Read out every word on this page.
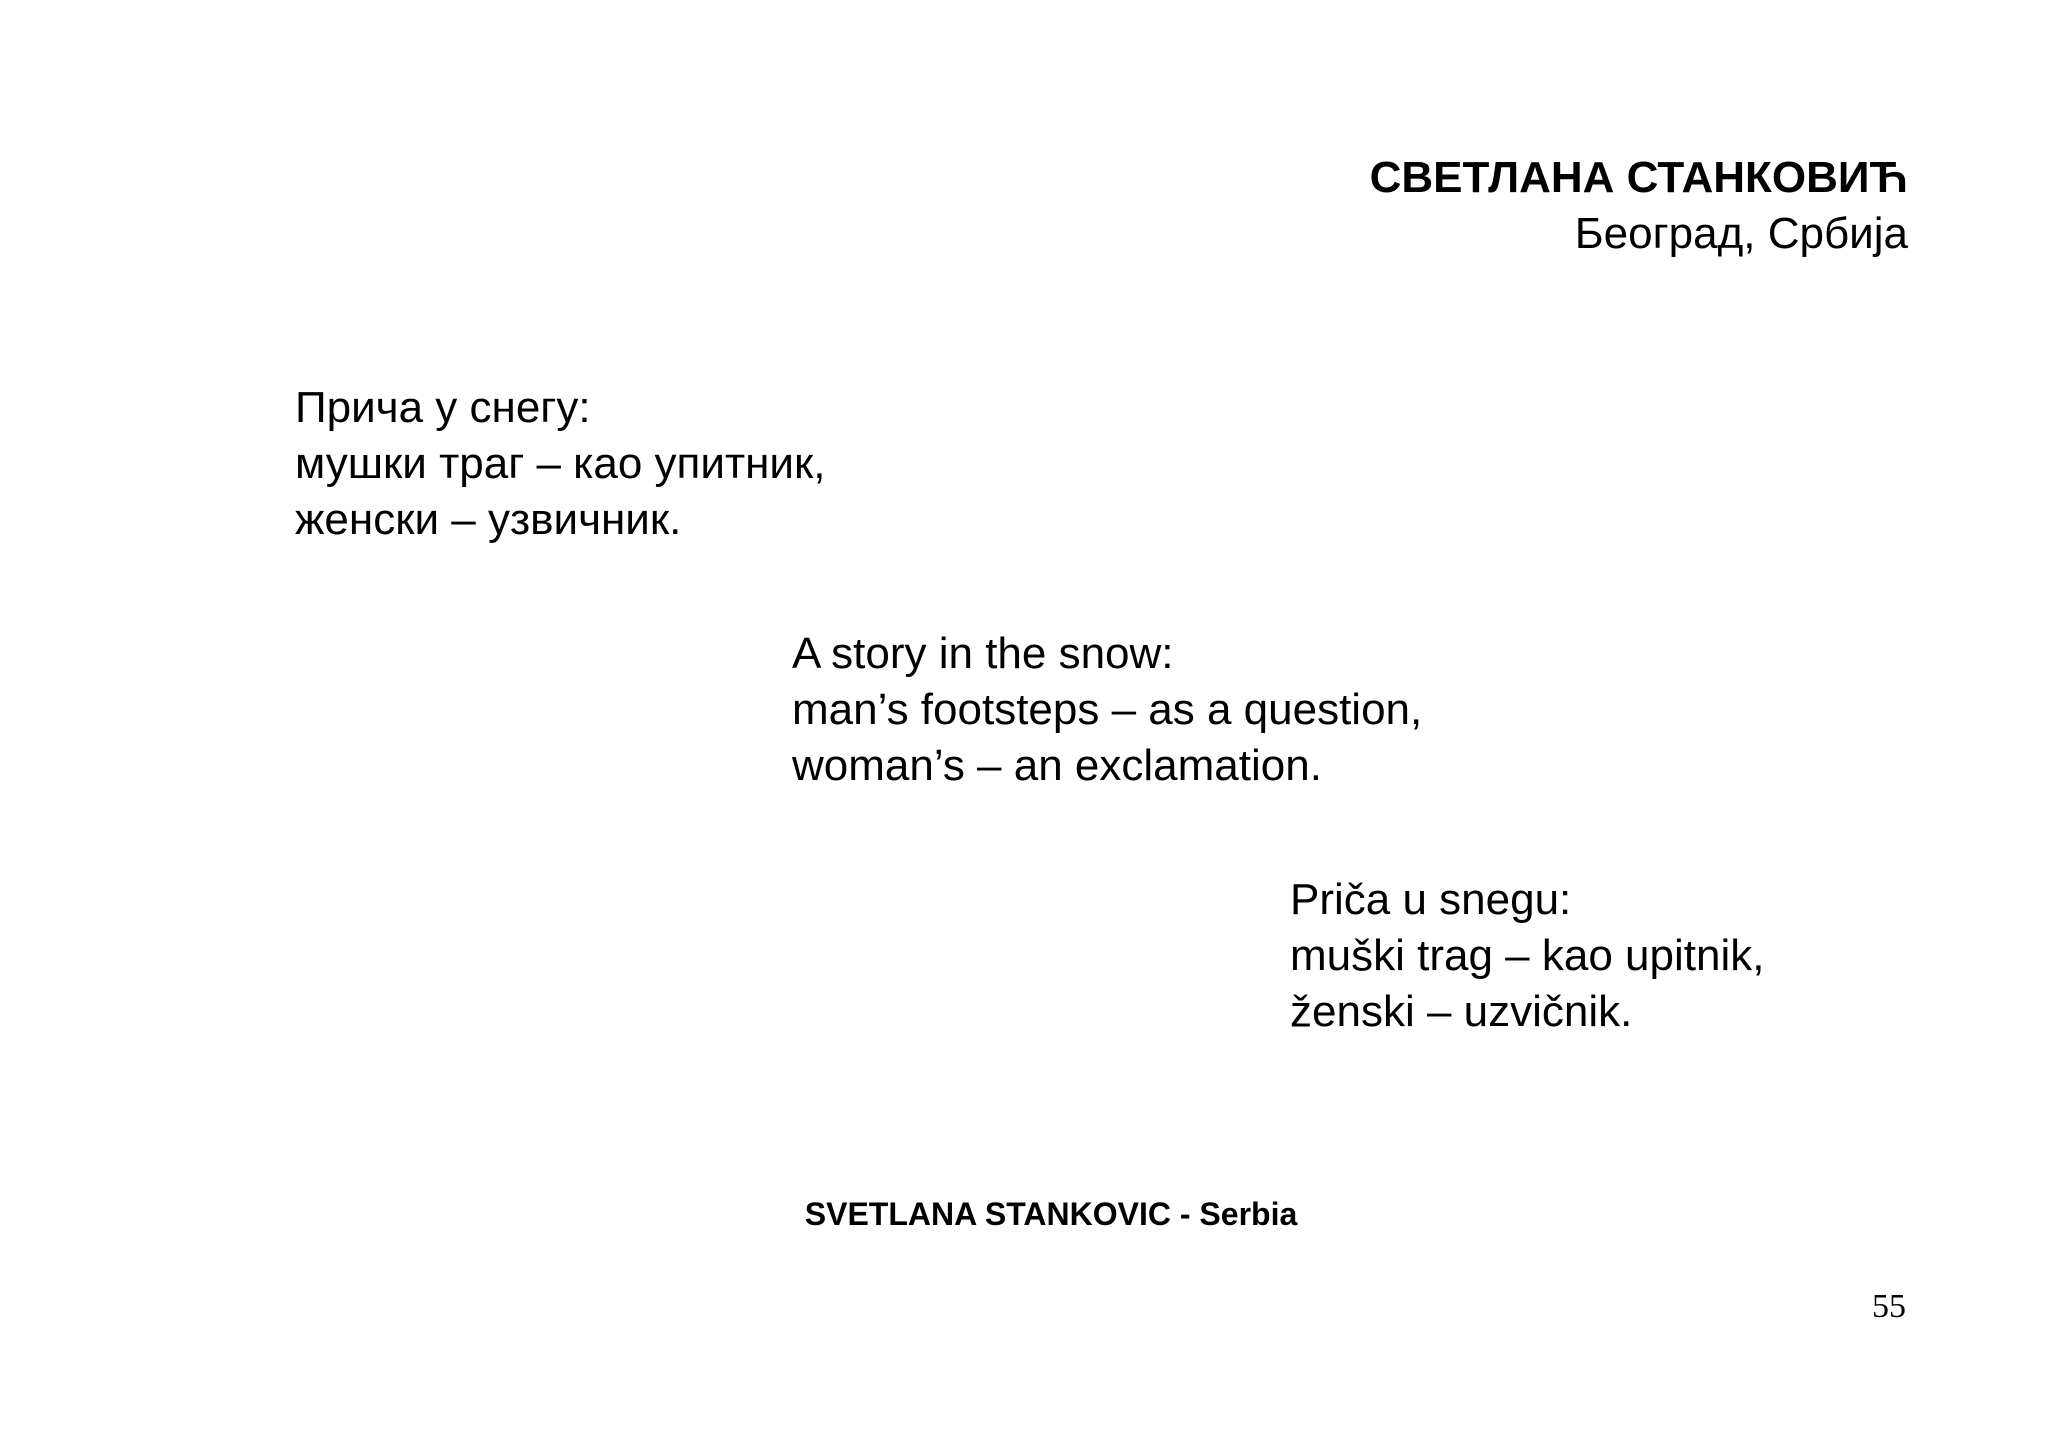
СВЕТЛАНА СТАНКОВИЋ
Београд, Србија
Прича у снегу:
мушки траг – као упитник,
женски – узвичник.
A story in the snow:
man’s footsteps – as a question,
woman’s – an exclamation.
Priča u snegu:
muški trag – kao upitnik,
ženski – uzvičnik.
SVETLANA STANKOVIC - Serbia
55
